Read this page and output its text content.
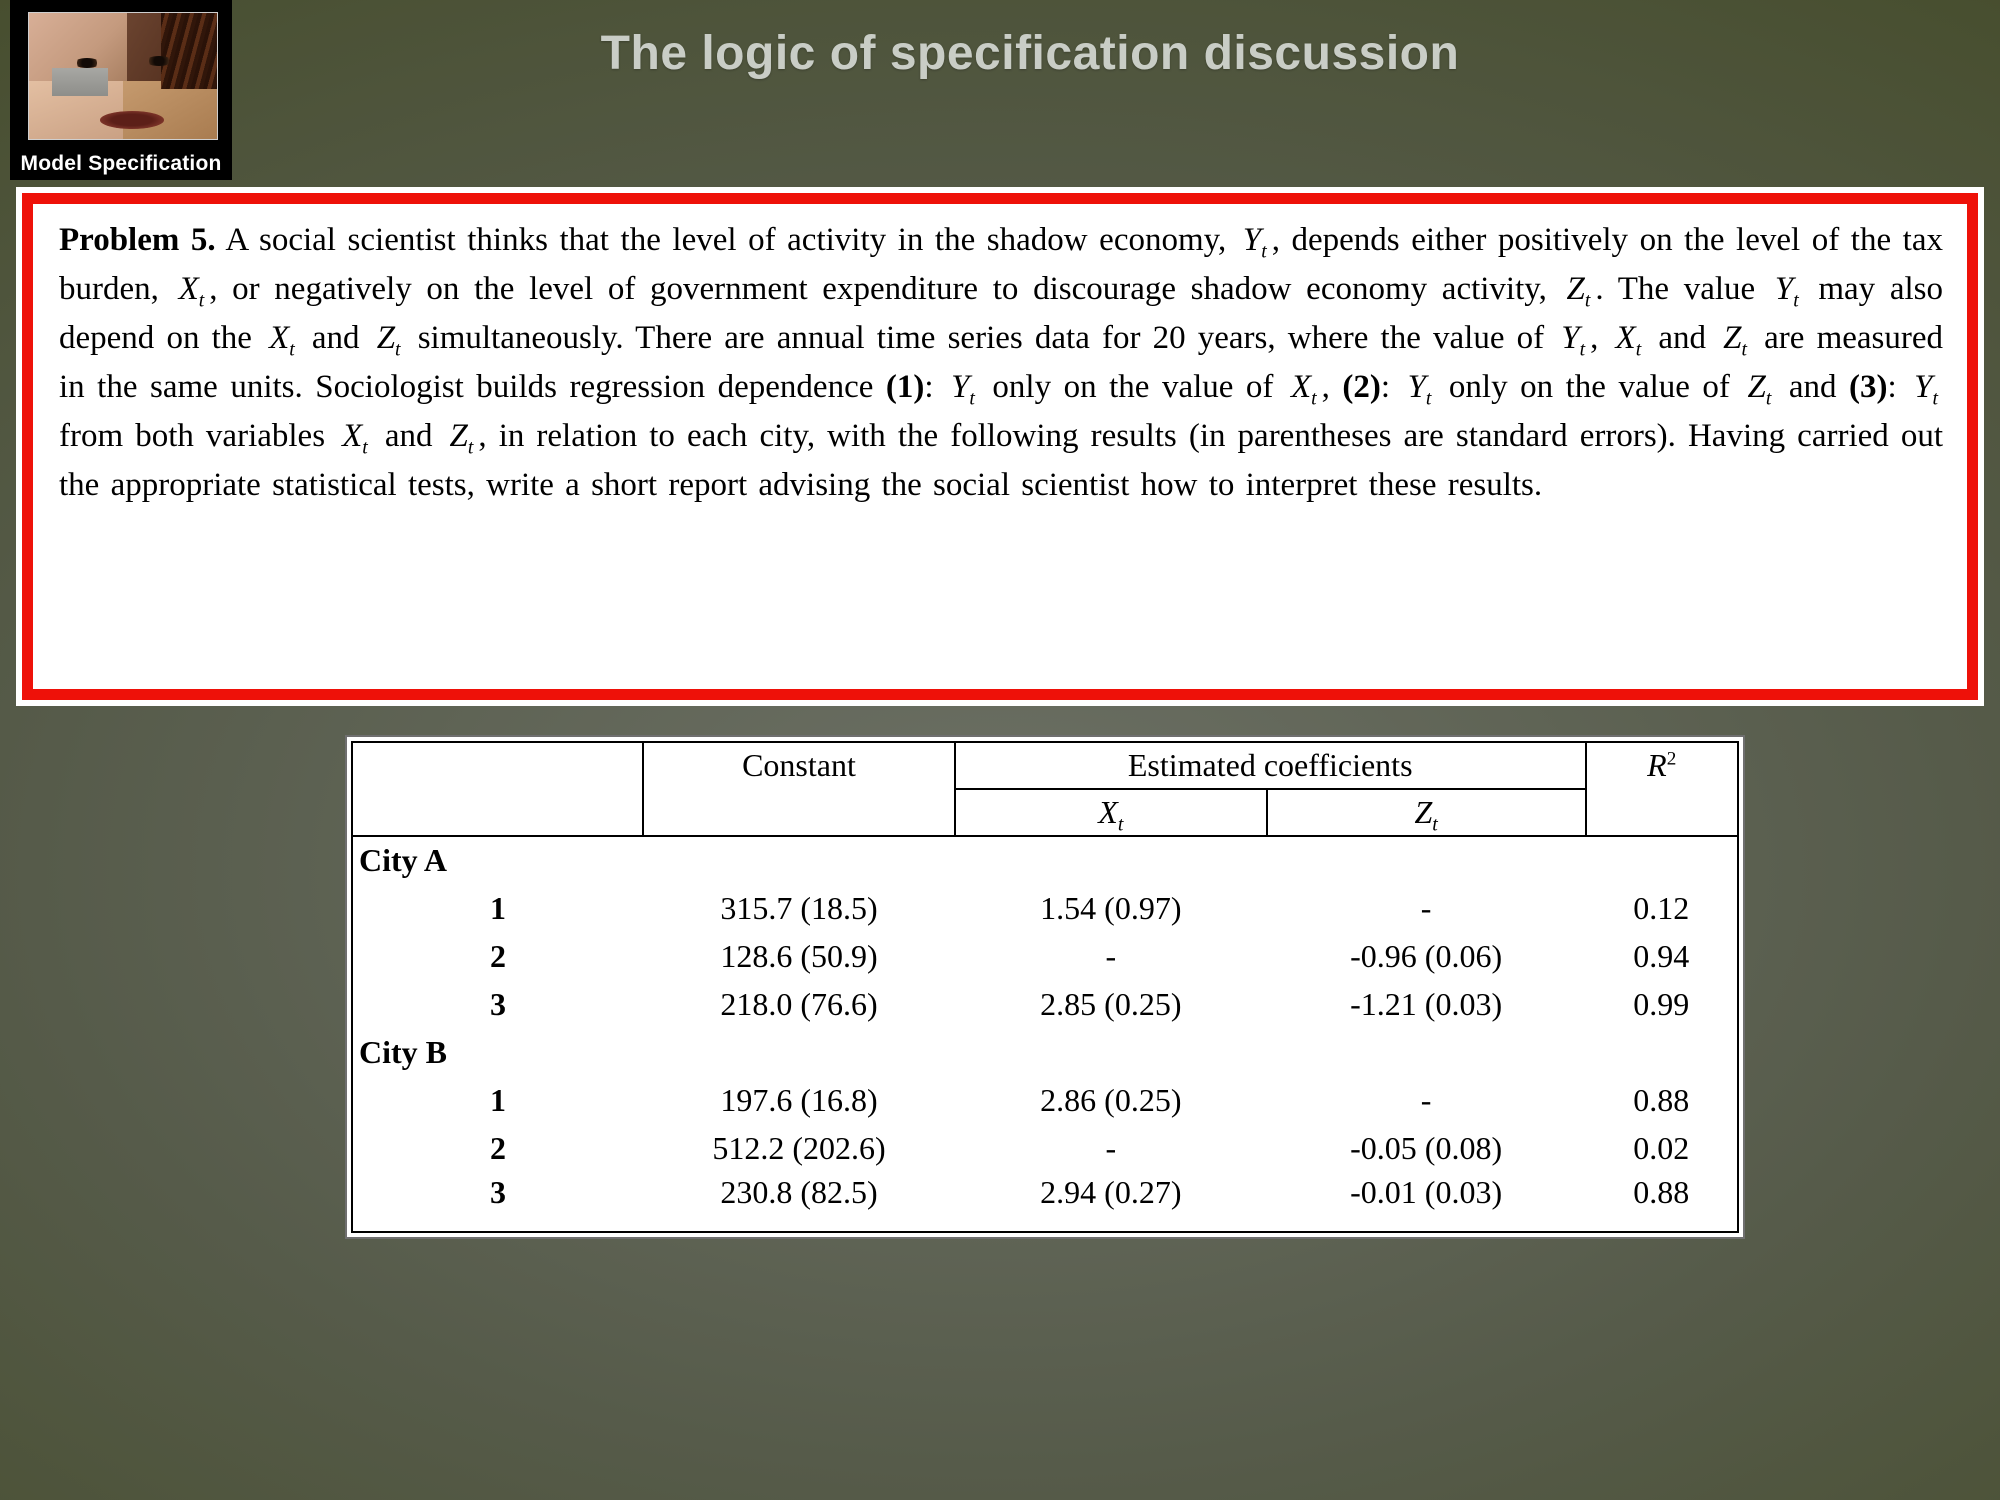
Model Specification
The logic of specification discussion

Problem 5. A social scientist thinks that the level of activity in the shadow economy, $Y_t$ , depends either positively on the level of the tax burden, $X_t$ , or negatively on the level of government expenditure to discourage shadow economy activity, $Z_t$ . The value $Y_t$ may also depend on the $X_t$ and $Z_t$ simultaneously. There are annual time series data for 20 years, where the value of $Y_t$ , $X_t$ and $Z_t$ are measured in the same units. Sociologist builds regression dependence (1): $Y_t$ only on the value of $X_t$ , (2): $Y_t$ only on the value of $Z_t$ and (3): $Y_t$ from both variables $X_t$ and $Z_t$ , in relation to each city, with the following results (in parentheses are standard errors). Having carried out the appropriate statistical tests, write a short report advising the social scientist how to interpret these results.

	Constant	Estimated coefficients		$R^2$
		$X_t$	$Z_t$
City A				
1	315.7 (18.5)	1.54 (0.97)	-	0.12
2	128.6 (50.9)	-	-0.96 (0.06)	0.94
3	218.0 (76.6)	2.85 (0.25)	-1.21 (0.03)	0.99
City B				
1	197.6 (16.8)	2.86 (0.25)	-	0.88
2	512.2 (202.6)	-	-0.05 (0.08)	0.02
3	230.8 (82.5)	2.94 (0.27)	-0.01 (0.03)	0.88
